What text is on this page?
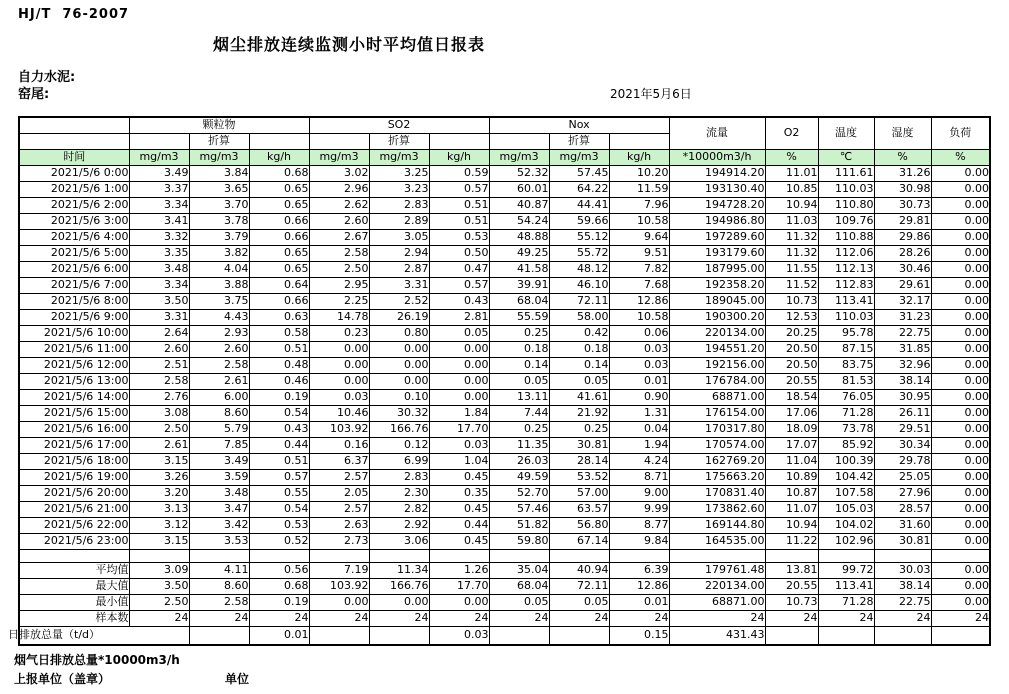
HJ/T  76-2007
烟尘排放连续监测小时平均值日报表
自力水泥:
窑尾:	2021年5月6日
	颗粒物			SO2			Nox			流量	O2	温度	湿度	负荷
		折算			折算			折算						
时间	mg/m3	mg/m3	kg/h	mg/m3	mg/m3	kg/h	mg/m3	mg/m3	kg/h	*10000m3/h	%	℃	%	%
2021/5/6 0:00	3.49	3.84	0.68	3.02	3.25	0.59	52.32	57.45	10.20	194914.20	11.01	111.61	31.26	0.00
2021/5/6 1:00	3.37	3.65	0.65	2.96	3.23	0.57	60.01	64.22	11.59	193130.40	10.85	110.03	30.98	0.00
2021/5/6 2:00	3.34	3.70	0.65	2.62	2.83	0.51	40.87	44.41	7.96	194728.20	10.94	110.80	30.73	0.00
2021/5/6 3:00	3.41	3.78	0.66	2.60	2.89	0.51	54.24	59.66	10.58	194986.80	11.03	109.76	29.81	0.00
2021/5/6 4:00	3.32	3.79	0.66	2.67	3.05	0.53	48.88	55.12	9.64	197289.60	11.32	110.88	29.86	0.00
2021/5/6 5:00	3.35	3.82	0.65	2.58	2.94	0.50	49.25	55.72	9.51	193179.60	11.32	112.06	28.26	0.00
2021/5/6 6:00	3.48	4.04	0.65	2.50	2.87	0.47	41.58	48.12	7.82	187995.00	11.55	112.13	30.46	0.00
2021/5/6 7:00	3.34	3.88	0.64	2.95	3.31	0.57	39.91	46.10	7.68	192358.20	11.52	112.83	29.61	0.00
2021/5/6 8:00	3.50	3.75	0.66	2.25	2.52	0.43	68.04	72.11	12.86	189045.00	10.73	113.41	32.17	0.00
2021/5/6 9:00	3.31	4.43	0.63	14.78	26.19	2.81	55.59	58.00	10.58	190300.20	12.53	110.03	31.23	0.00
2021/5/6 10:00	2.64	2.93	0.58	0.23	0.80	0.05	0.25	0.42	0.06	220134.00	20.25	95.78	22.75	0.00
2021/5/6 11:00	2.60	2.60	0.51	0.00	0.00	0.00	0.18	0.18	0.03	194551.20	20.50	87.15	31.85	0.00
2021/5/6 12:00	2.51	2.58	0.48	0.00	0.00	0.00	0.14	0.14	0.03	192156.00	20.50	83.75	32.96	0.00
2021/5/6 13:00	2.58	2.61	0.46	0.00	0.00	0.00	0.05	0.05	0.01	176784.00	20.55	81.53	38.14	0.00
2021/5/6 14:00	2.76	6.00	0.19	0.03	0.10	0.00	13.11	41.61	0.90	68871.00	18.54	76.05	30.95	0.00
2021/5/6 15:00	3.08	8.60	0.54	10.46	30.32	1.84	7.44	21.92	1.31	176154.00	17.06	71.28	26.11	0.00
2021/5/6 16:00	2.50	5.79	0.43	103.92	166.76	17.70	0.25	0.25	0.04	170317.80	18.09	73.78	29.51	0.00
2021/5/6 17:00	2.61	7.85	0.44	0.16	0.12	0.03	11.35	30.81	1.94	170574.00	17.07	85.92	30.34	0.00
2021/5/6 18:00	3.15	3.49	0.51	6.37	6.99	1.04	26.03	28.14	4.24	162769.20	11.04	100.39	29.78	0.00
2021/5/6 19:00	3.26	3.59	0.57	2.57	2.83	0.45	49.59	53.52	8.71	175663.20	10.89	104.42	25.05	0.00
2021/5/6 20:00	3.20	3.48	0.55	2.05	2.30	0.35	52.70	57.00	9.00	170831.40	10.87	107.58	27.96	0.00
2021/5/6 21:00	3.13	3.47	0.54	2.57	2.82	0.45	57.46	63.57	9.99	173862.60	11.07	105.03	28.57	0.00
2021/5/6 22:00	3.12	3.42	0.53	2.63	2.92	0.44	51.82	56.80	8.77	169144.80	10.94	104.02	31.60	0.00
2021/5/6 23:00	3.15	3.53	0.52	2.73	3.06	0.45	59.80	67.14	9.84	164535.00	11.22	102.96	30.81	0.00

平均值	3.09	4.11	0.56	7.19	11.34	1.26	35.04	40.94	6.39	179761.48	13.81	99.72	30.03	0.00
最大值	3.50	8.60	0.68	103.92	166.76	17.70	68.04	72.11	12.86	220134.00	20.55	113.41	38.14	0.00
最小值	2.50	2.58	0.19	0.00	0.00	0.00	0.05	0.05	0.01	68871.00	10.73	71.28	22.75	0.00
样本数	24	24	24	24	24	24	24	24	24	24	24	24	24	24
日排放总量（t/d）			0.01			0.03			0.15	431.43				
烟气日排放总量*10000m3/h
上报单位（盖章）	单位
